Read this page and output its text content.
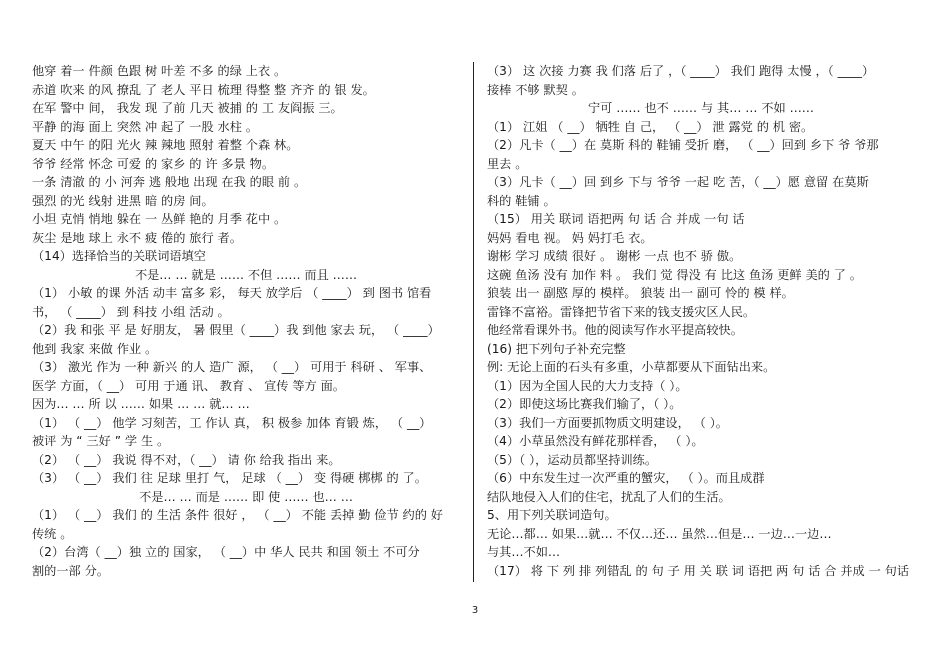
他穿 着一 件颜 色跟 树 叶差 不多 的绿 上衣 。
赤道 吹来 的风 撩乱 了 老人 平日 梳理 得整 整 齐齐 的 银 发。
在军 警中 间， 我发 现 了前 几天 被捕 的 工 友阎振 三。
平静 的海 面上 突然 冲 起了 一股 水柱 。
夏天 中午 的阳 光火 辣 辣地 照射 着整 个森 林。
爷爷 经常 怀念 可爱 的 家乡 的 许 多景 物。
一条 清澈 的 小 河奔 逃 般地 出现 在我 的眼 前 。
强烈 的光 线射 进黑 暗 的房 间。
小坦 克悄 悄地 躲在 一 丛鲜 艳的 月季 花中 。
灰尘 是地 球上 永不 疲 倦的 旅行 者。
（14）选择恰当的关联词语填空
不是… … 就是 …… 不但 …… 而且 ……
（1） 小敏 的课 外活 动丰 富多 彩， 每天 放学后 （ ____） 到 图书 馆看
书， （ ____） 到 科技 小组 活动 。
（2）我 和张 平 是 好朋友， 暑 假里（ ____）我 到他 家去 玩， （ ____）
他到 我家 来做 作业 。
（3） 激光 作为 一种 新兴 的人 造广 源， （ __） 可用于 科研 、 军事、
医学 方面，（ __） 可用 于通 讯、 教育 、 宣传 等方 面。
因为… … 所 以 …… 如果 … … 就… …
（1） （ __） 他学 习刻苦，工 作认 真， 积 极参 加体 育锻 炼， （ __）
被评 为 “ 三好 ” 学 生 。
（2） （ __） 我说 得不对，（ __） 请 你 给我 指出 来。
（3） （ __） 我们 往 足球 里打 气， 足球 （ __） 变 得硬 梆梆 的 了。
不是… … 而是 …… 即 使 …… 也… …
（1） （ __） 我们 的 生活 条件 很好 ， （ __） 不能 丢掉 勤 俭节 约的 好
传统 。
（2）台湾（ __）独 立的 国家， （ __）中 华人 民共 和国 领土 不可分
割的一部 分。
（3） 这 次接 力赛 我 们落 后了 ，（ ____） 我们 跑得 太慢 ，（ ____）
接棒 不够 默契 。
宁可 …… 也不 …… 与 其… … 不如 ……
（1） 江姐 （ __） 牺牲 自 己， （ __） 泄 露党 的 机 密。
（2）凡卡（ __）在 莫斯 科的 鞋铺 受折 磨， （ __）回到 乡下 爷 爷那
里去 。
（3）凡卡（ __）回 到乡 下与 爷爷 一起 吃 苦，（ __）愿 意留 在莫斯
科的 鞋铺 。
（15） 用关 联词 语把两 句 话 合 并成 一句 话
妈妈 看电 视。 妈 妈打毛 衣。
谢彬 学习 成绩 很好 。 谢彬 一点 也不 骄 傲。
这碗 鱼汤 没有 加作 料 。 我们 觉 得没 有 比这 鱼汤 更鲜 美的 了 。
狼装 出一 副愍 厚的 模样。 狼装 出一 副可 怜的 模 样。
雷锋不富裕。雷锋把节省下来的钱支援灾区人民。
他经常看课外书。他的阅读写作水平提高较快。
(16) 把下列句子补充完整
例: 无论上面的石头有多重，小草都要从下面钻出来。
（1）因为全国人民的大力支持（ ）。
（2）即使这场比赛我们输了，（ ）。
（3）我们一方面要抓物质文明建设， （ ）。
（4）小草虽然没有鲜花那样香， （ ）。
（5）（ ），运动员都坚持训练。
（6）中东发生过一次严重的蟹灾， （ ）。而且成群
结队地侵入人们的住宅，扰乱了人们的生活。
5、用下列关联词造句。
无论…都… 如果…就… 不仅…还… 虽然…但是… 一边…一边…
与其…不如…
（17） 将 下 列 排 列错乱 的 句 子 用 关 联 词 语把 两 句 话 合 并成 一 句话
3
